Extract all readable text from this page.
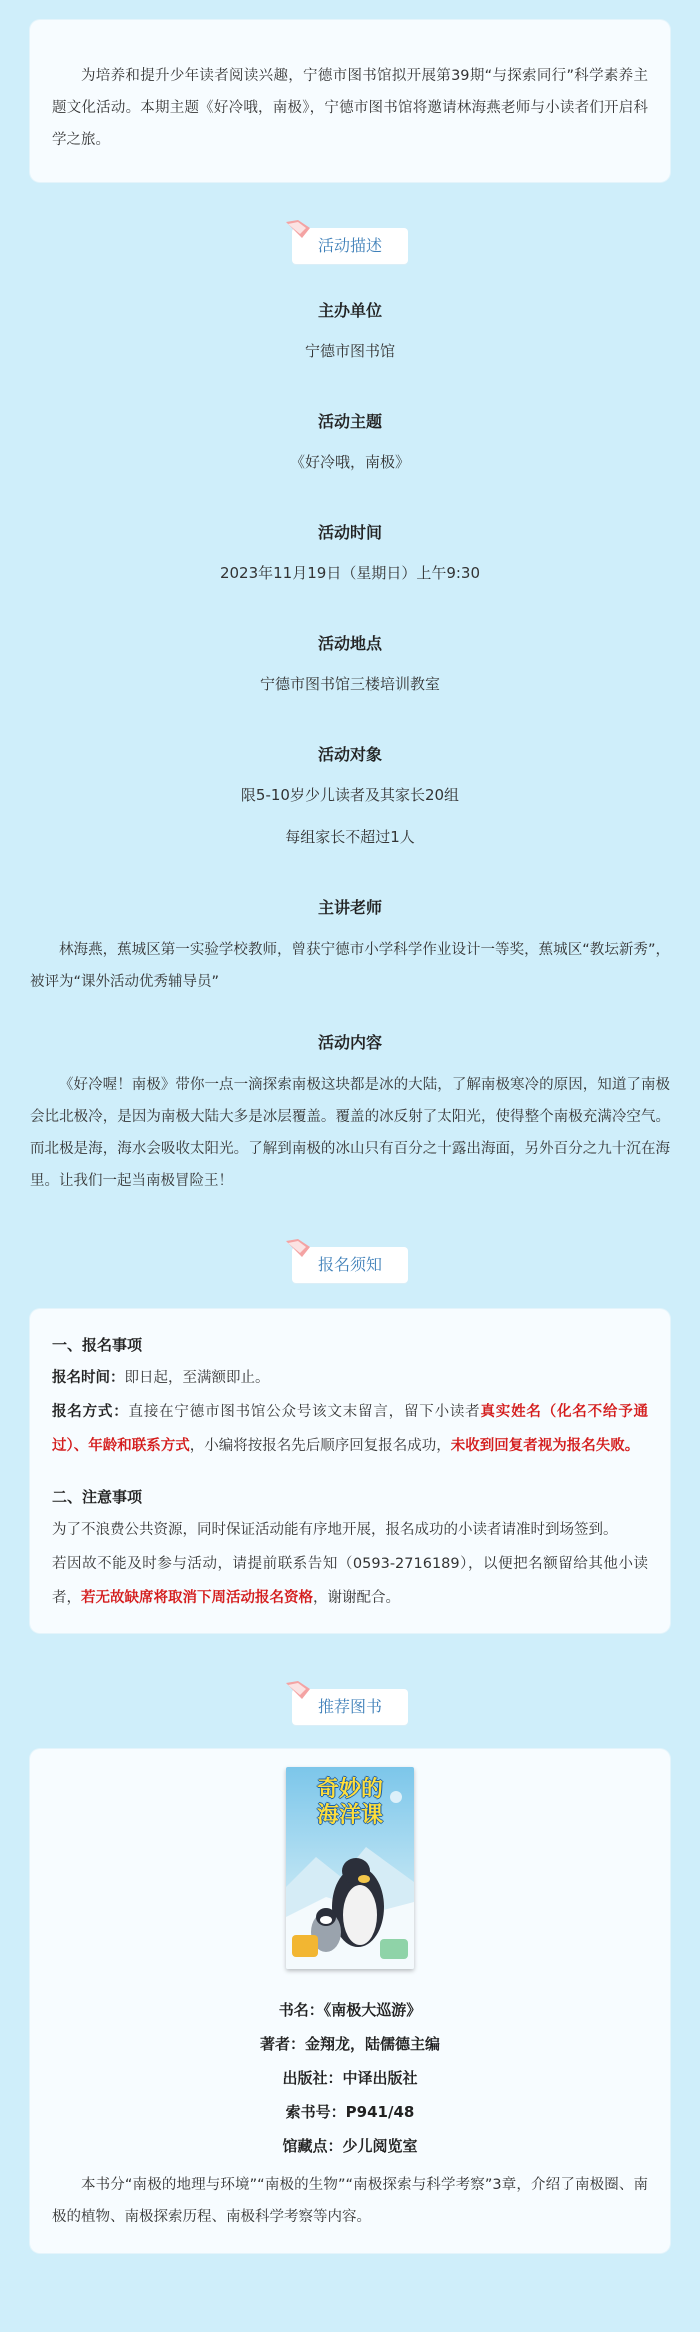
为培养和提升少年读者阅读兴趣，宁德市图书馆拟开展第39期“与探索同行”科学素养主题文化活动。本期主题《好冷哦，南极》，宁德市图书馆将邀请林海燕老师与小读者们开启科学之旅。

活动描述
主办单位
宁德市图书馆
活动主题
《好冷哦，南极》
活动时间
2023年11月19日（星期日）上午9:30
活动地点
宁德市图书馆三楼培训教室
活动对象
限5-10岁少儿读者及其家长20组
每组家长不超过1人
主讲老师

林海燕，蕉城区第一实验学校教师，曾获宁德市小学科学作业设计一等奖，蕉城区“教坛新秀”，被评为“课外活动优秀辅导员”

活动内容

《好冷喔！南极》带你一点一滴探索南极这块都是冰的大陆，了解南极寒冷的原因，知道了南极会比北极冷，是因为南极大陆大多是冰层覆盖。覆盖的冰反射了太阳光，使得整个南极充满冷空气。而北极是海，海水会吸收太阳光。了解到南极的冰山只有百分之十露出海面，另外百分之九十沉在海里。让我们一起当南极冒险王！

报名须知
一、报名事项
报名时间：即日起，至满额即止。
报名方式：直接在宁德市图书馆公众号该文末留言，留下小读者真实姓名（化名不给予通过）、年龄和联系方式，小编将按报名先后顺序回复报名成功，未收到回复者视为报名失败。
二、注意事项
为了不浪费公共资源，同时保证活动能有序地开展，报名成功的小读者请准时到场签到。
若因故不能及时参与活动，请提前联系告知（0593-2716189），以便把名额留给其他小读者，若无故缺席将取消下周活动报名资格，谢谢配合。
推荐图书
奇妙的
海洋课
书名：《南极大巡游》
著者：金翔龙，陆儒德主编
出版社：中译出版社
索书号：P941/48
馆藏点：少儿阅览室

本书分“南极的地理与环境”“南极的生物”“南极探索与科学考察”3章，介绍了南极圈、南极的植物、南极探索历程、南极科学考察等内容。
